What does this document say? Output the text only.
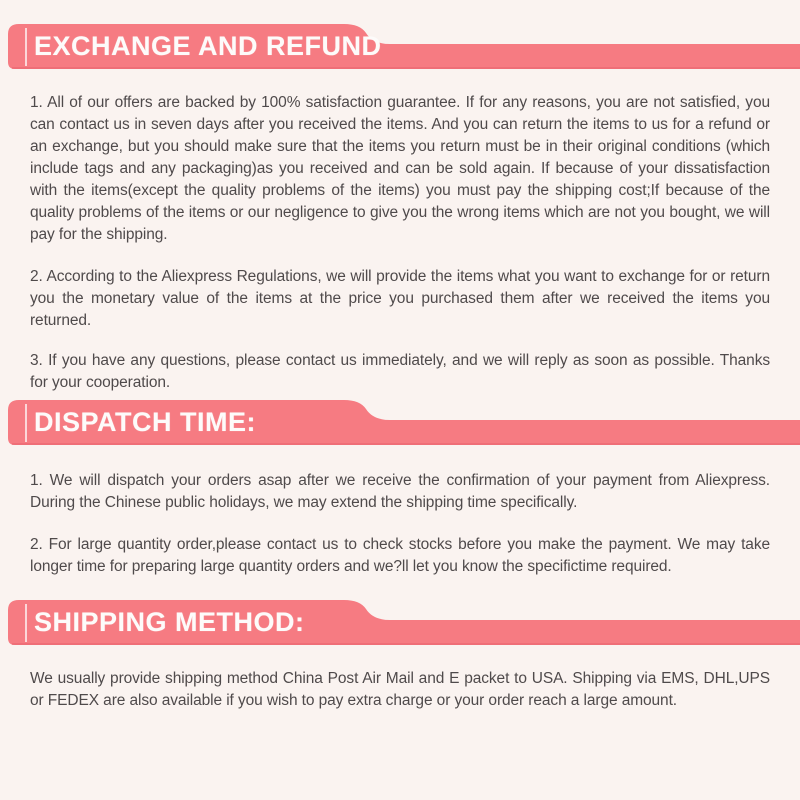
EXCHANGE AND REFUND

1. All of our offers are backed by 100% satisfaction guarantee. If for any reasons, you are not satisfied, you can contact us in seven days after you received the items. And you can return the items to us for a refund or an exchange, but you should make sure that the items you return must be in their original conditions (which include tags and any packaging)as you received and can be sold again. If because of your dissatisfaction with the items(except the quality problems of the items) you must pay the shipping cost;If because of the quality problems of the items or our negligence to give you the wrong items which are not you bought, we will pay for the shipping.

2. According to the Aliexpress Regulations, we will provide the items what you want to exchange for or return you the monetary value of the items at the price you purchased them after we received the items you returned.

3. If you have any questions, please contact us immediately, and we will reply as soon as possible. Thanks for your cooperation.

DISPATCH TIME:

1. We will dispatch your orders asap after we receive the confirmation of your payment from Aliexpress. During the Chinese public holidays, we may extend the shipping time specifically.

2. For large quantity order,please contact us to check stocks before you make the payment. We may take longer time for preparing large quantity orders and we?ll let you know the specifictime required.

SHIPPING METHOD:

We usually provide shipping method China Post Air Mail and E packet to USA. Shipping via EMS, DHL,UPS or FEDEX are also available if you wish to pay extra charge or your order reach a large amount.
